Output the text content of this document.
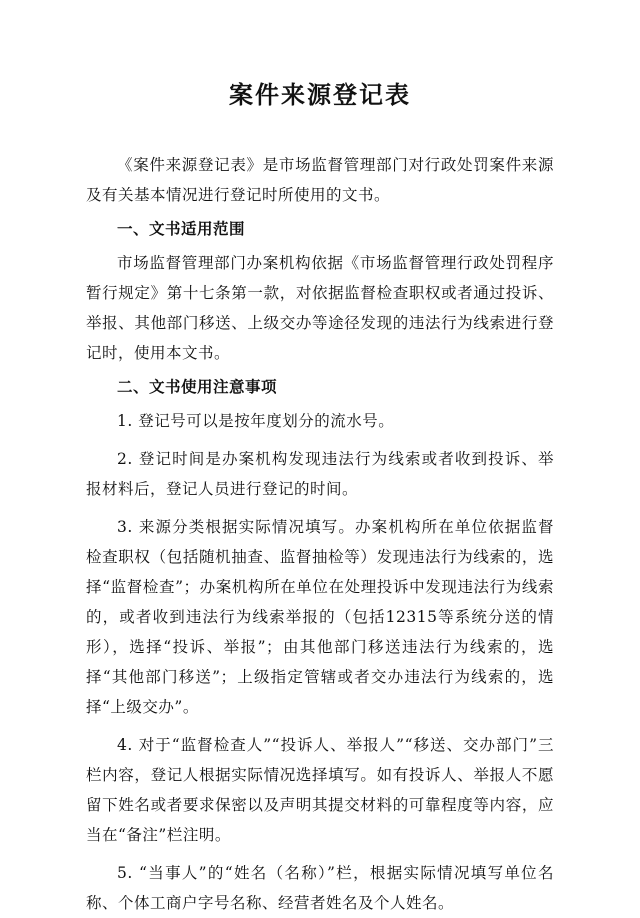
案件来源登记表

《案件来源登记表》是市场监督管理部门对行政处罚案件来源及有关基本情况进行登记时所使用的文书。

一、文书适用范围

市场监督管理部门办案机构依据《市场监督管理行政处罚程序暂行规定》第十七条第一款，对依据监督检查职权或者通过投诉、举报、其他部门移送、上级交办等途径发现的违法行为线索进行登记时，使用本文书。

二、文书使用注意事项

1. 登记号可以是按年度划分的流水号。

2. 登记时间是办案机构发现违法行为线索或者收到投诉、举报材料后，登记人员进行登记的时间。

3. 来源分类根据实际情况填写。办案机构所在单位依据监督检查职权（包括随机抽查、监督抽检等）发现违法行为线索的，选择“监督检查”；办案机构所在单位在处理投诉中发现违法行为线索的，或者收到违法行为线索举报的（包括12315等系统分送的情形），选择“投诉、举报”；由其他部门移送违法行为线索的，选择“其他部门移送”；上级指定管辖或者交办违法行为线索的，选择“上级交办”。

4. 对于“监督检查人”“投诉人、举报人”“移送、交办部门”三栏内容，登记人根据实际情况选择填写。如有投诉人、举报人不愿留下姓名或者要求保密以及声明其提交材料的可靠程度等内容，应当在“备注”栏注明。

5. “当事人”的“姓名（名称）”栏，根据实际情况填写单位名称、个体工商户字号名称、经营者姓名及个人姓名。
